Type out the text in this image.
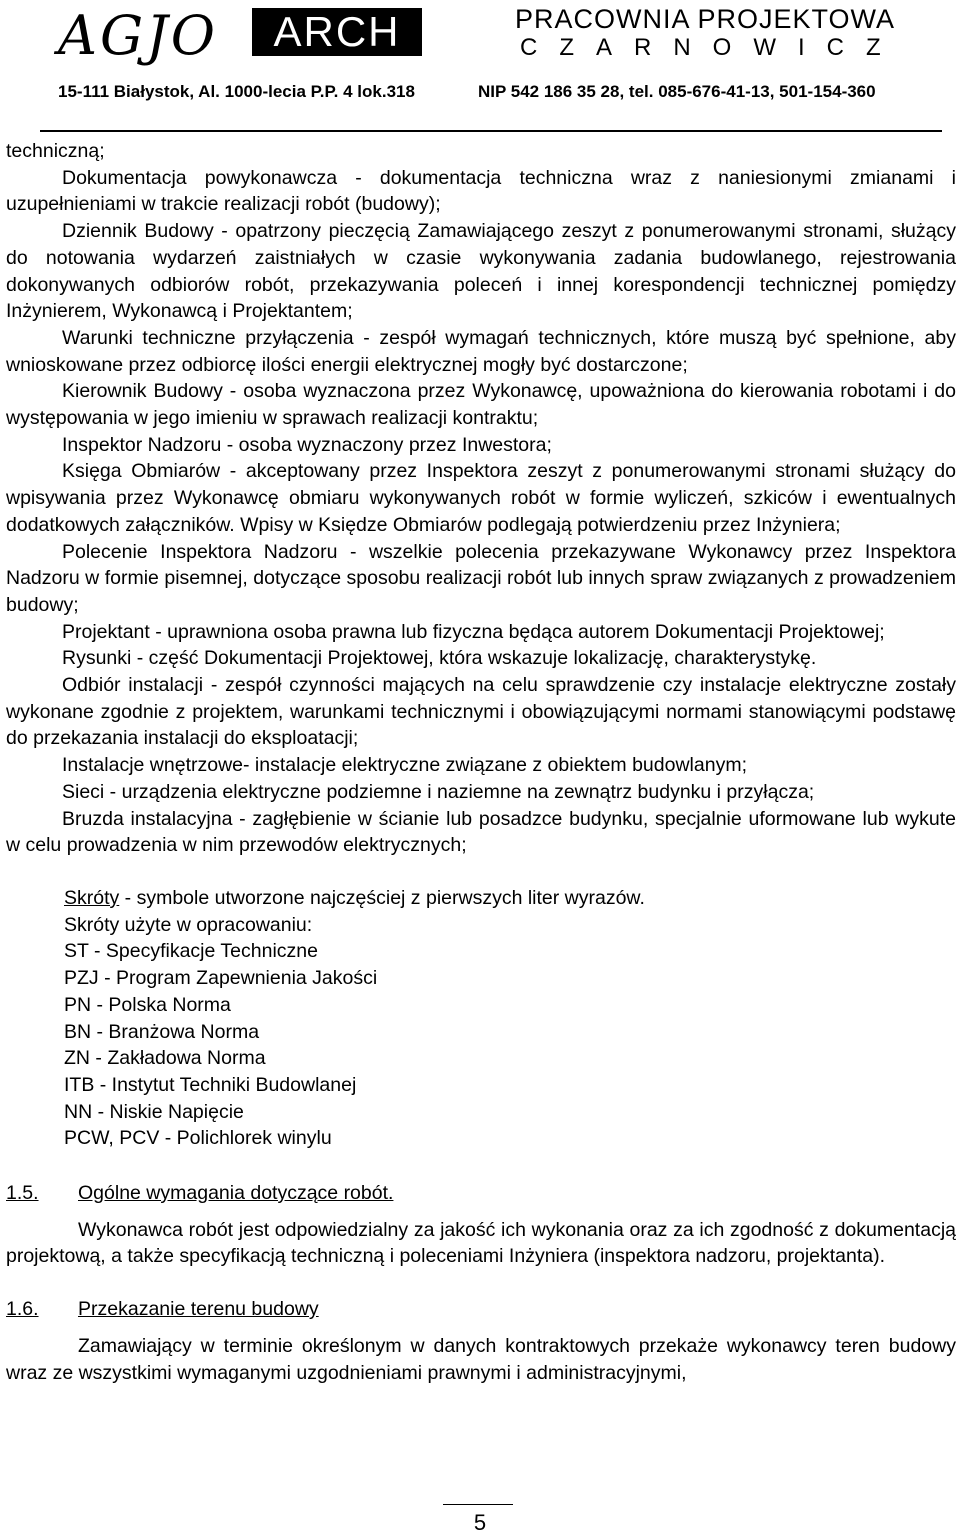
AGJO	ARCH	PRACOWNIA PROJEKTOWA
CZARNOWICZ
15-111 Białystok, Al. 1000-lecia P.P. 4 lok.318	NIP 542 186 35 28, tel. 085-676-41-13, 501-154-360

techniczną;

Dokumentacja powykonawcza - dokumentacja techniczna wraz z naniesionymi zmianami i uzupełnieniami w trakcie realizacji robót (budowy);

Dziennik Budowy - opatrzony pieczęcią Zamawiającego zeszyt z ponumerowanymi stronami, służący do notowania wydarzeń zaistniałych w czasie wykonywania zadania budowlanego, rejestrowania dokonywanych odbiorów robót, przekazywania poleceń i innej korespondencji technicznej pomiędzy Inżynierem, Wykonawcą i Projektantem;

Warunki techniczne przyłączenia - zespół wymagań technicznych, które muszą być spełnione, aby wnioskowane przez odbiorcę ilości energii elektrycznej mogły być dostarczone;

Kierownik Budowy - osoba wyznaczona przez Wykonawcę, upoważniona do kierowania robotami i do występowania w jego imieniu w sprawach realizacji kontraktu;

Inspektor Nadzoru - osoba wyznaczony przez Inwestora;

Księga Obmiarów - akceptowany przez Inspektora zeszyt z ponumerowanymi stronami służący do wpisywania przez Wykonawcę obmiaru wykonywanych robót w formie wyliczeń, szkiców i ewentualnych dodatkowych załączników. Wpisy w Księdze Obmiarów podlegają potwierdzeniu przez Inżyniera;

Polecenie Inspektora Nadzoru - wszelkie polecenia przekazywane Wykonawcy przez Inspektora Nadzoru w formie pisemnej, dotyczące sposobu realizacji robót lub innych spraw związanych z prowadzeniem budowy;

Projektant - uprawniona osoba prawna lub fizyczna będąca autorem Dokumentacji Projektowej;

Rysunki - część Dokumentacji Projektowej, która wskazuje lokalizację, charakterystykę.

Odbiór instalacji - zespół czynności mających na celu sprawdzenie czy instalacje elektryczne zostały wykonane zgodnie z projektem, warunkami technicznymi i obowiązującymi normami stanowiącymi podstawę do przekazania instalacji do eksploatacji;

Instalacje wnętrzowe- instalacje elektryczne związane z obiektem budowlanym;

Sieci - urządzenia elektryczne podziemne i naziemne na zewnątrz budynku i przyłącza;

Bruzda instalacyjna - zagłębienie w ścianie lub posadzce budynku, specjalnie uformowane lub wykute w celu prowadzenia w nim przewodów elektrycznych;

Skróty - symbole utworzone najczęściej z pierwszych liter wyrazów.
Skróty użyte w opracowaniu:
ST - Specyfikacje Techniczne
PZJ - Program Zapewnienia Jakości
PN - Polska Norma
BN - Branżowa Norma
ZN - Zakładowa Norma
ITB - Instytut Techniki Budowlanej
NN - Niskie Napięcie
PCW, PCV - Polichlorek winylu
1.5.	Ogólne wymagania dotyczące robót.

Wykonawca robót jest odpowiedzialny za jakość ich wykonania oraz za ich zgodność z dokumentacją projektową, a także specyfikacją techniczną i poleceniami Inżyniera (inspektora nadzoru, projektanta).

1.6.	Przekazanie terenu budowy

Zamawiający w terminie określonym w danych kontraktowych przekaże wykonawcy teren budowy wraz ze wszystkimi wymaganymi uzgodnieniami prawnymi i administracyjnymi,

5
